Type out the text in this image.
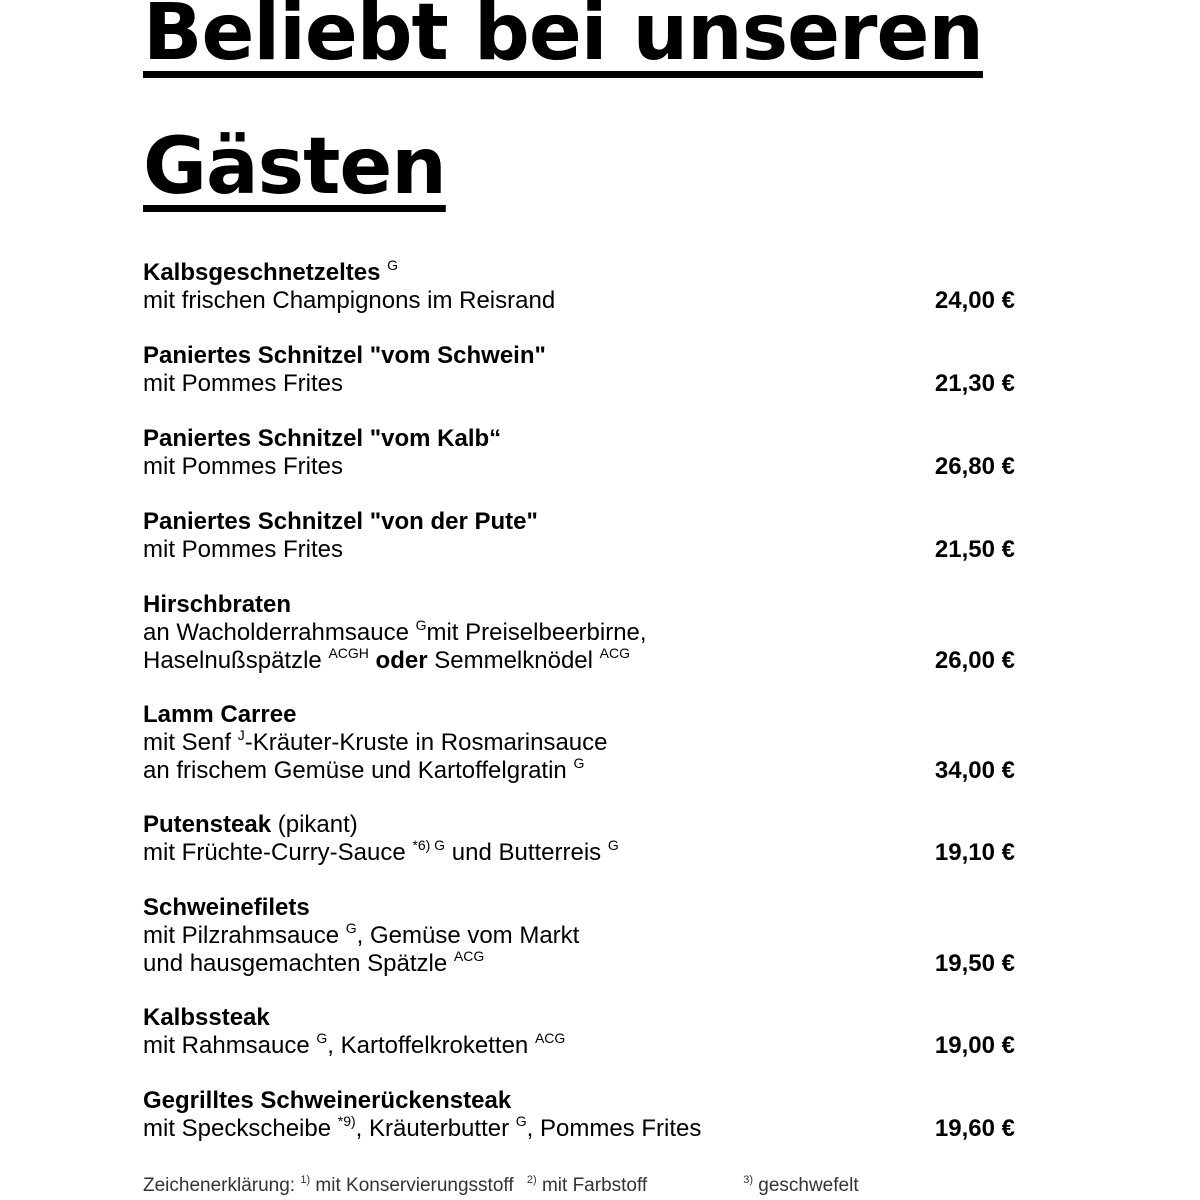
Beliebt bei unseren
Gästen
Kalbsgeschnetzeltes $^G$
mit frischen Champignons im Reisrand	24,00 €
Paniertes Schnitzel "vom Schwein"
mit Pommes Frites	21,30 €
Paniertes Schnitzel "vom Kalb“
mit Pommes Frites	26,80 €
Paniertes Schnitzel "von der Pute"
mit Pommes Frites	21,50 €
Hirschbraten
an Wacholderrahmsauce $^G$mit Preiselbeerbirne,
Haselnußspätzle $^{ACGH}$ oder Semmelknödel $^{ACG}$	26,00 €
Lamm Carree
mit Senf $^J$-Kräuter-Kruste in Rosmarinsauce
an frischem Gemüse und Kartoffelgratin $^G$	34,00 €
Putensteak (pikant)
mit Früchte-Curry-Sauce $^{*6) G}$ und Butterreis $^G$	19,10 €
Schweinefilets
mit Pilzrahmsauce $^G$, Gemüse vom Markt
und hausgemachten Spätzle $^{ACG}$	19,50 €
Kalbssteak
mit Rahmsauce $^G$, Kartoffelkroketten $^{ACG}$	19,00 €
Gegrilltes Schweinerückensteak
mit Speckscheibe $^{*9)}$, Kräuterbutter $^G$, Pommes Frites	19,60 €
Zeichenerklärung: $^{1)}$ mit Konservierungsstoff $^{2)}$ mit Farbstoff	$^{3)}$ geschwefelt
